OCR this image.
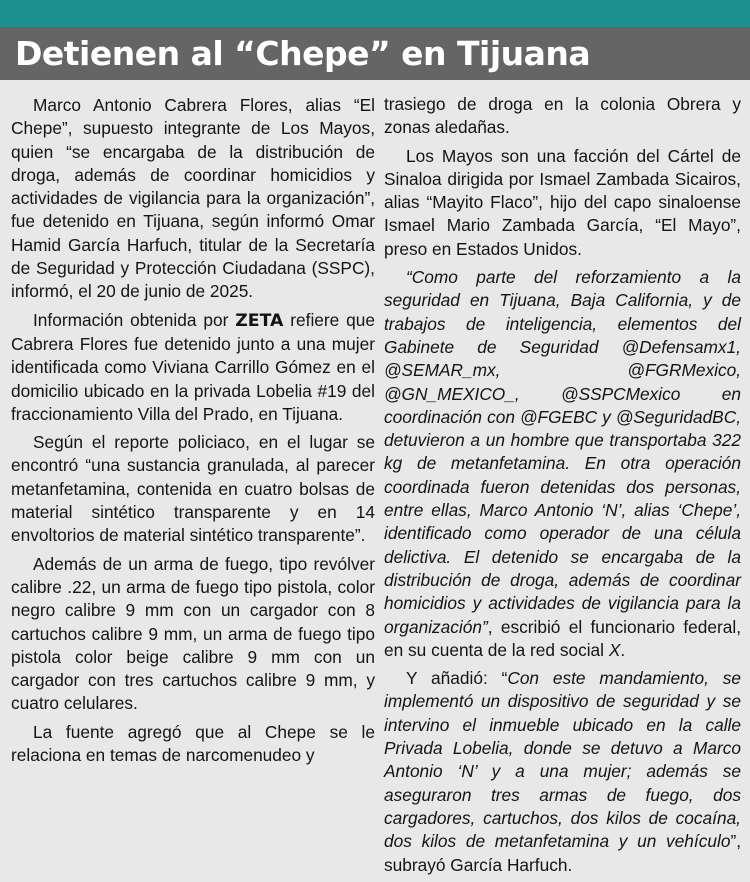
Detienen al “Chepe” en Tijuana

Marco Antonio Cabrera Flores, alias “El Chepe”, supuesto integrante de Los Mayos, quien “se encargaba de la distribución de droga, además de coordinar homicidios y actividades de vigilancia para la organización”, fue detenido en Tijuana, según informó Omar Hamid García Harfuch, titular de la Secretaría de Seguridad y Protección Ciudadana (SSPC), informó, el 20 de junio de 2025.

Información obtenida por ZETA refiere que Cabrera Flores fue detenido junto a una mujer identificada como Viviana Carrillo Gómez en el domicilio ubicado en la privada Lobelia #19 del fraccionamiento Villa del Prado, en Tijuana.

Según el reporte policiaco, en el lugar se encontró “una sustancia granulada, al parecer metanfetamina, contenida en cuatro bolsas de material sintético transparente y en 14 envoltorios de material sintético transparente”.

Además de un arma de fuego, tipo revólver calibre .22, un arma de fuego tipo pistola, color negro calibre 9 mm con un cargador con 8 cartuchos calibre 9 mm, un arma de fuego tipo pistola color beige calibre 9 mm con un cargador con tres cartuchos calibre 9 mm, y cuatro celulares.

La fuente agregó que al Chepe se le relaciona en temas de narcomenudeo y

trasiego de droga en la colonia Obrera y zonas aledañas.

Los Mayos son una facción del Cártel de Sinaloa dirigida por Ismael Zambada Sicairos, alias “Mayito Flaco”, hijo del capo sinaloense Ismael Mario Zambada García, “El Mayo”, preso en Estados Unidos.

“Como parte del reforzamiento a la seguridad en Tijuana, Baja California, y de trabajos de inteligencia, elementos del Gabinete de Seguridad @Defensamx1, @SEMAR_mx, @FGRMexico, @GN_MEXICO_, @SSPCMexico en coordinación con @FGEBC y @SeguridadBC, detuvieron a un hombre que transportaba 322 kg de metanfetamina. En otra operación coordinada fueron detenidas dos personas, entre ellas, Marco Antonio ‘N’, alias ‘Chepe’, identificado como operador de una célula delictiva. El detenido se encargaba de la distribución de droga, además de coordinar homicidios y actividades de vigilancia para la organización”, escribió el funcionario federal, en su cuenta de la red social X.

Y añadió: “Con este mandamiento, se implementó un dispositivo de seguridad y se intervino el inmueble ubicado en la calle Privada Lobelia, donde se detuvo a Marco Antonio ‘N’ y a una mujer; además se aseguraron tres armas de fuego, dos cargadores, cartuchos, dos kilos de cocaína, dos kilos de metanfetamina y un vehículo”, subrayó García Harfuch.
